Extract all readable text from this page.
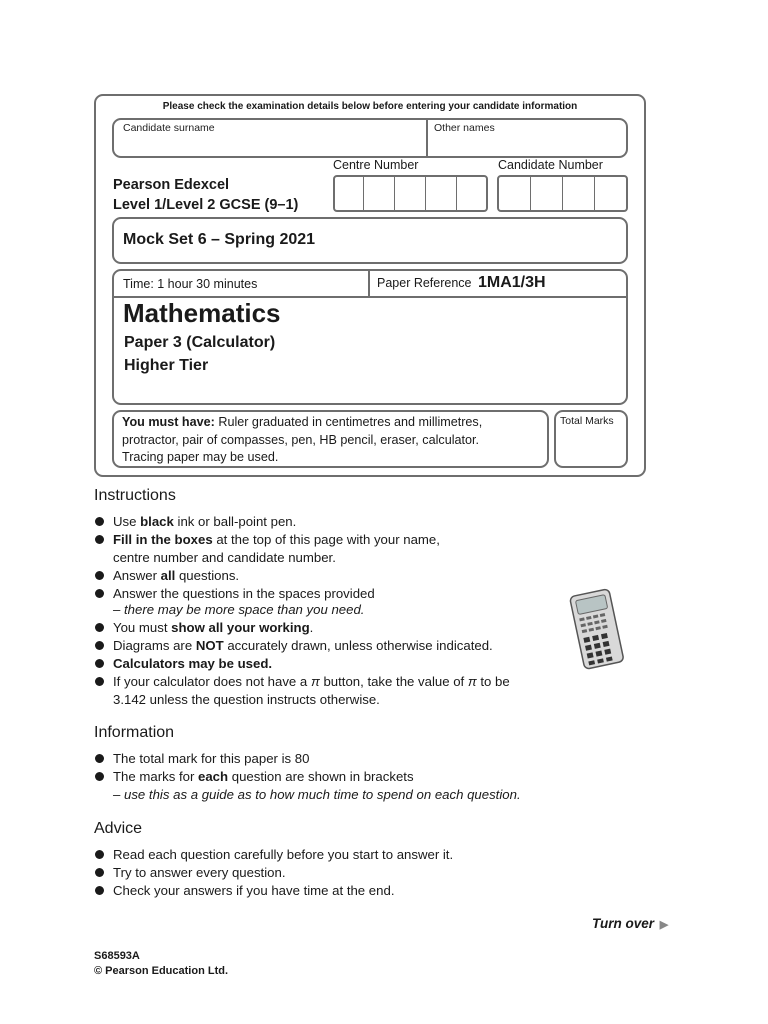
Please check the examination details below before entering your candidate information
Candidate surname	Other names
Pearson Edexcel
Level 1/Level 2 GCSE (9–1)
Centre Number	Candidate Number
Mock Set 6 – Spring 2021
Time: 1 hour 30 minutes	Paper Reference 1MA1/3H
Mathematics
Paper 3 (Calculator)
Higher Tier
You must have: Ruler graduated in centimetres and millimetres,
protractor, pair of compasses, pen, HB pencil, eraser, calculator.
Tracing paper may be used.
Total Marks
Instructions
Use black ink or ball-point pen.
Fill in the boxes at the top of this page with your name,
centre number and candidate number.
Answer all questions.
Answer the questions in the spaces provided
– there may be more space than you need.
You must show all your working.
Diagrams are NOT accurately drawn, unless otherwise indicated.
Calculators may be used.
If your calculator does not have a π button, take the value of π to be
3.142 unless the question instructs otherwise.
Information
The total mark for this paper is 80
The marks for each question are shown in brackets
– use this as a guide as to how much time to spend on each question.
Advice
Read each question carefully before you start to answer it.
Try to answer every question.
Check your answers if you have time at the end.
Turn over ▶
S68593A
© Pearson Education Ltd.
